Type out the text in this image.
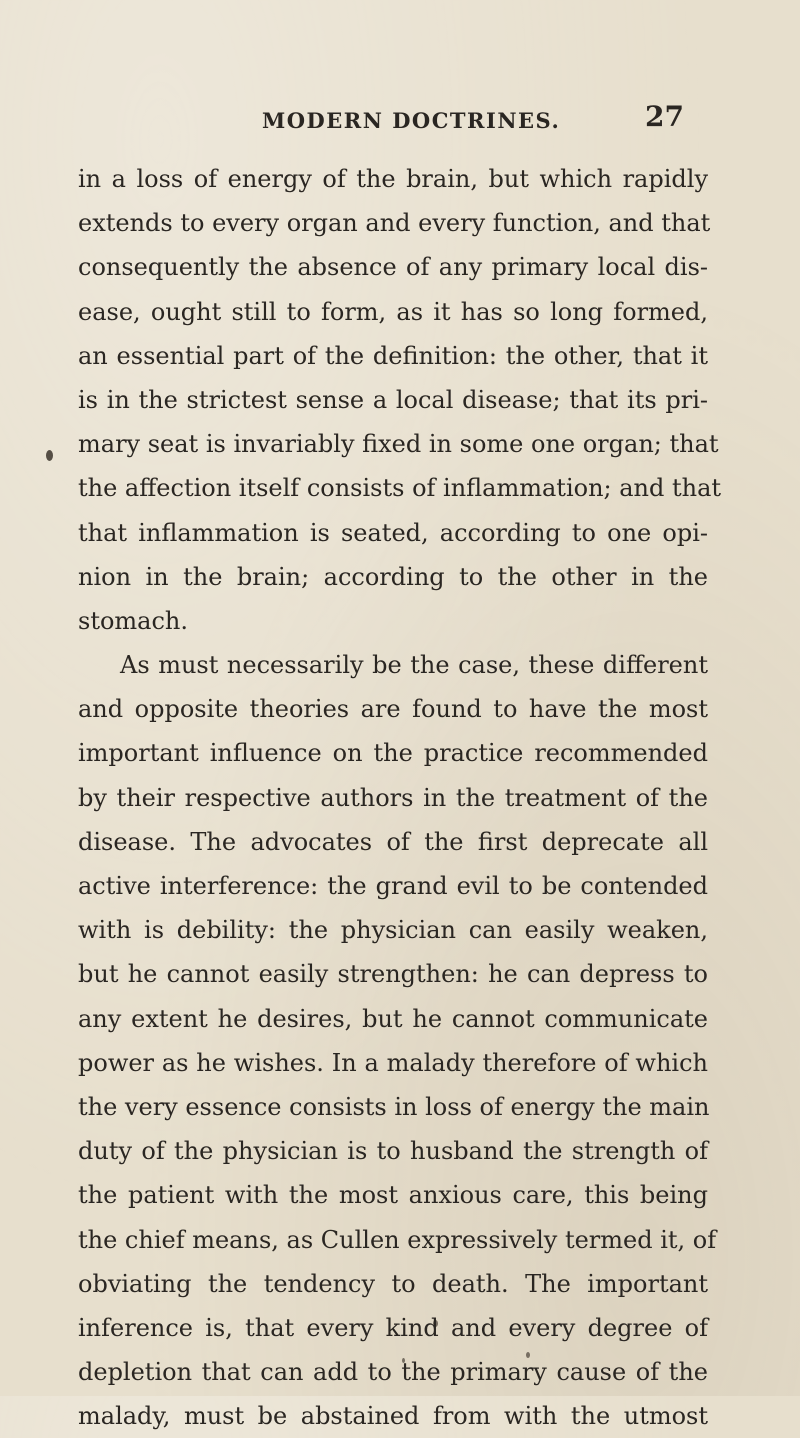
MODERN DOCTRINES.	27
in a loss of energy of the brain, but which rapidly
extends to every organ and every function, and that
consequently the absence of any primary local dis-
ease, ought still to form, as it has so long formed,
an essential part of the definition: the other, that it
is in the strictest sense a local disease; that its pri-
mary seat is invariably fixed in some one organ; that
the affection itself consists of inflammation; and that
that inflammation is seated, according to one opi-
nion in the brain; according to the other in the
stomach.
As must necessarily be the case, these different
and opposite theories are found to have the most
important influence on the practice recommended
by their respective authors in the treatment of the
disease. The advocates of the first deprecate all
active interference: the grand evil to be contended
with is debility: the physician can easily weaken,
but he cannot easily strengthen: he can depress to
any extent he desires, but he cannot communicate
power as he wishes. In a malady therefore of which
the very essence consists in loss of energy the main
duty of the physician is to husband the strength of
the patient with the most anxious care, this being
the chief means, as Cullen expressively termed it, of
obviating the tendency to death. The important
inference is, that every kind and every degree of
depletion that can add to the primary cause of the
malady, must be abstained from with the utmost
